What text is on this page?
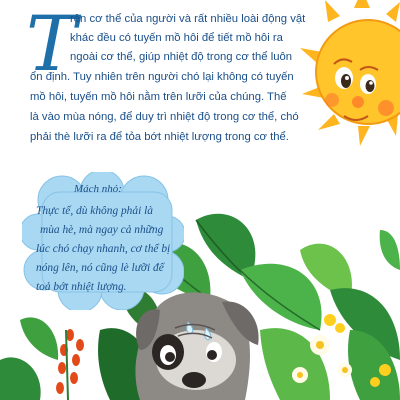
T
rên cơ thể của người và rất nhiều loài động vật
khác đều có tuyến mồ hôi để tiết mồ hôi ra
ngoài cơ thể, giúp nhiệt độ trong cơ thể luôn
ổn định. Tuy nhiên trên người chó lại không có tuyến
mồ hôi, tuyến mồ hôi nằm trên lưỡi của chúng. Thế
là vào mùa nóng, để duy trì nhiệt độ trong cơ thể, chó
phải thè lưỡi ra để tỏa bớt nhiệt lượng trong cơ thể.
Mách nhỏ:
Thực tế, dù không phải là
mùa hè, mà ngay cả những
lúc chó chạy nhanh, cơ thể bị
nóng lên, nó cũng lè lưỡi để
toả bớt nhiệt lượng.
